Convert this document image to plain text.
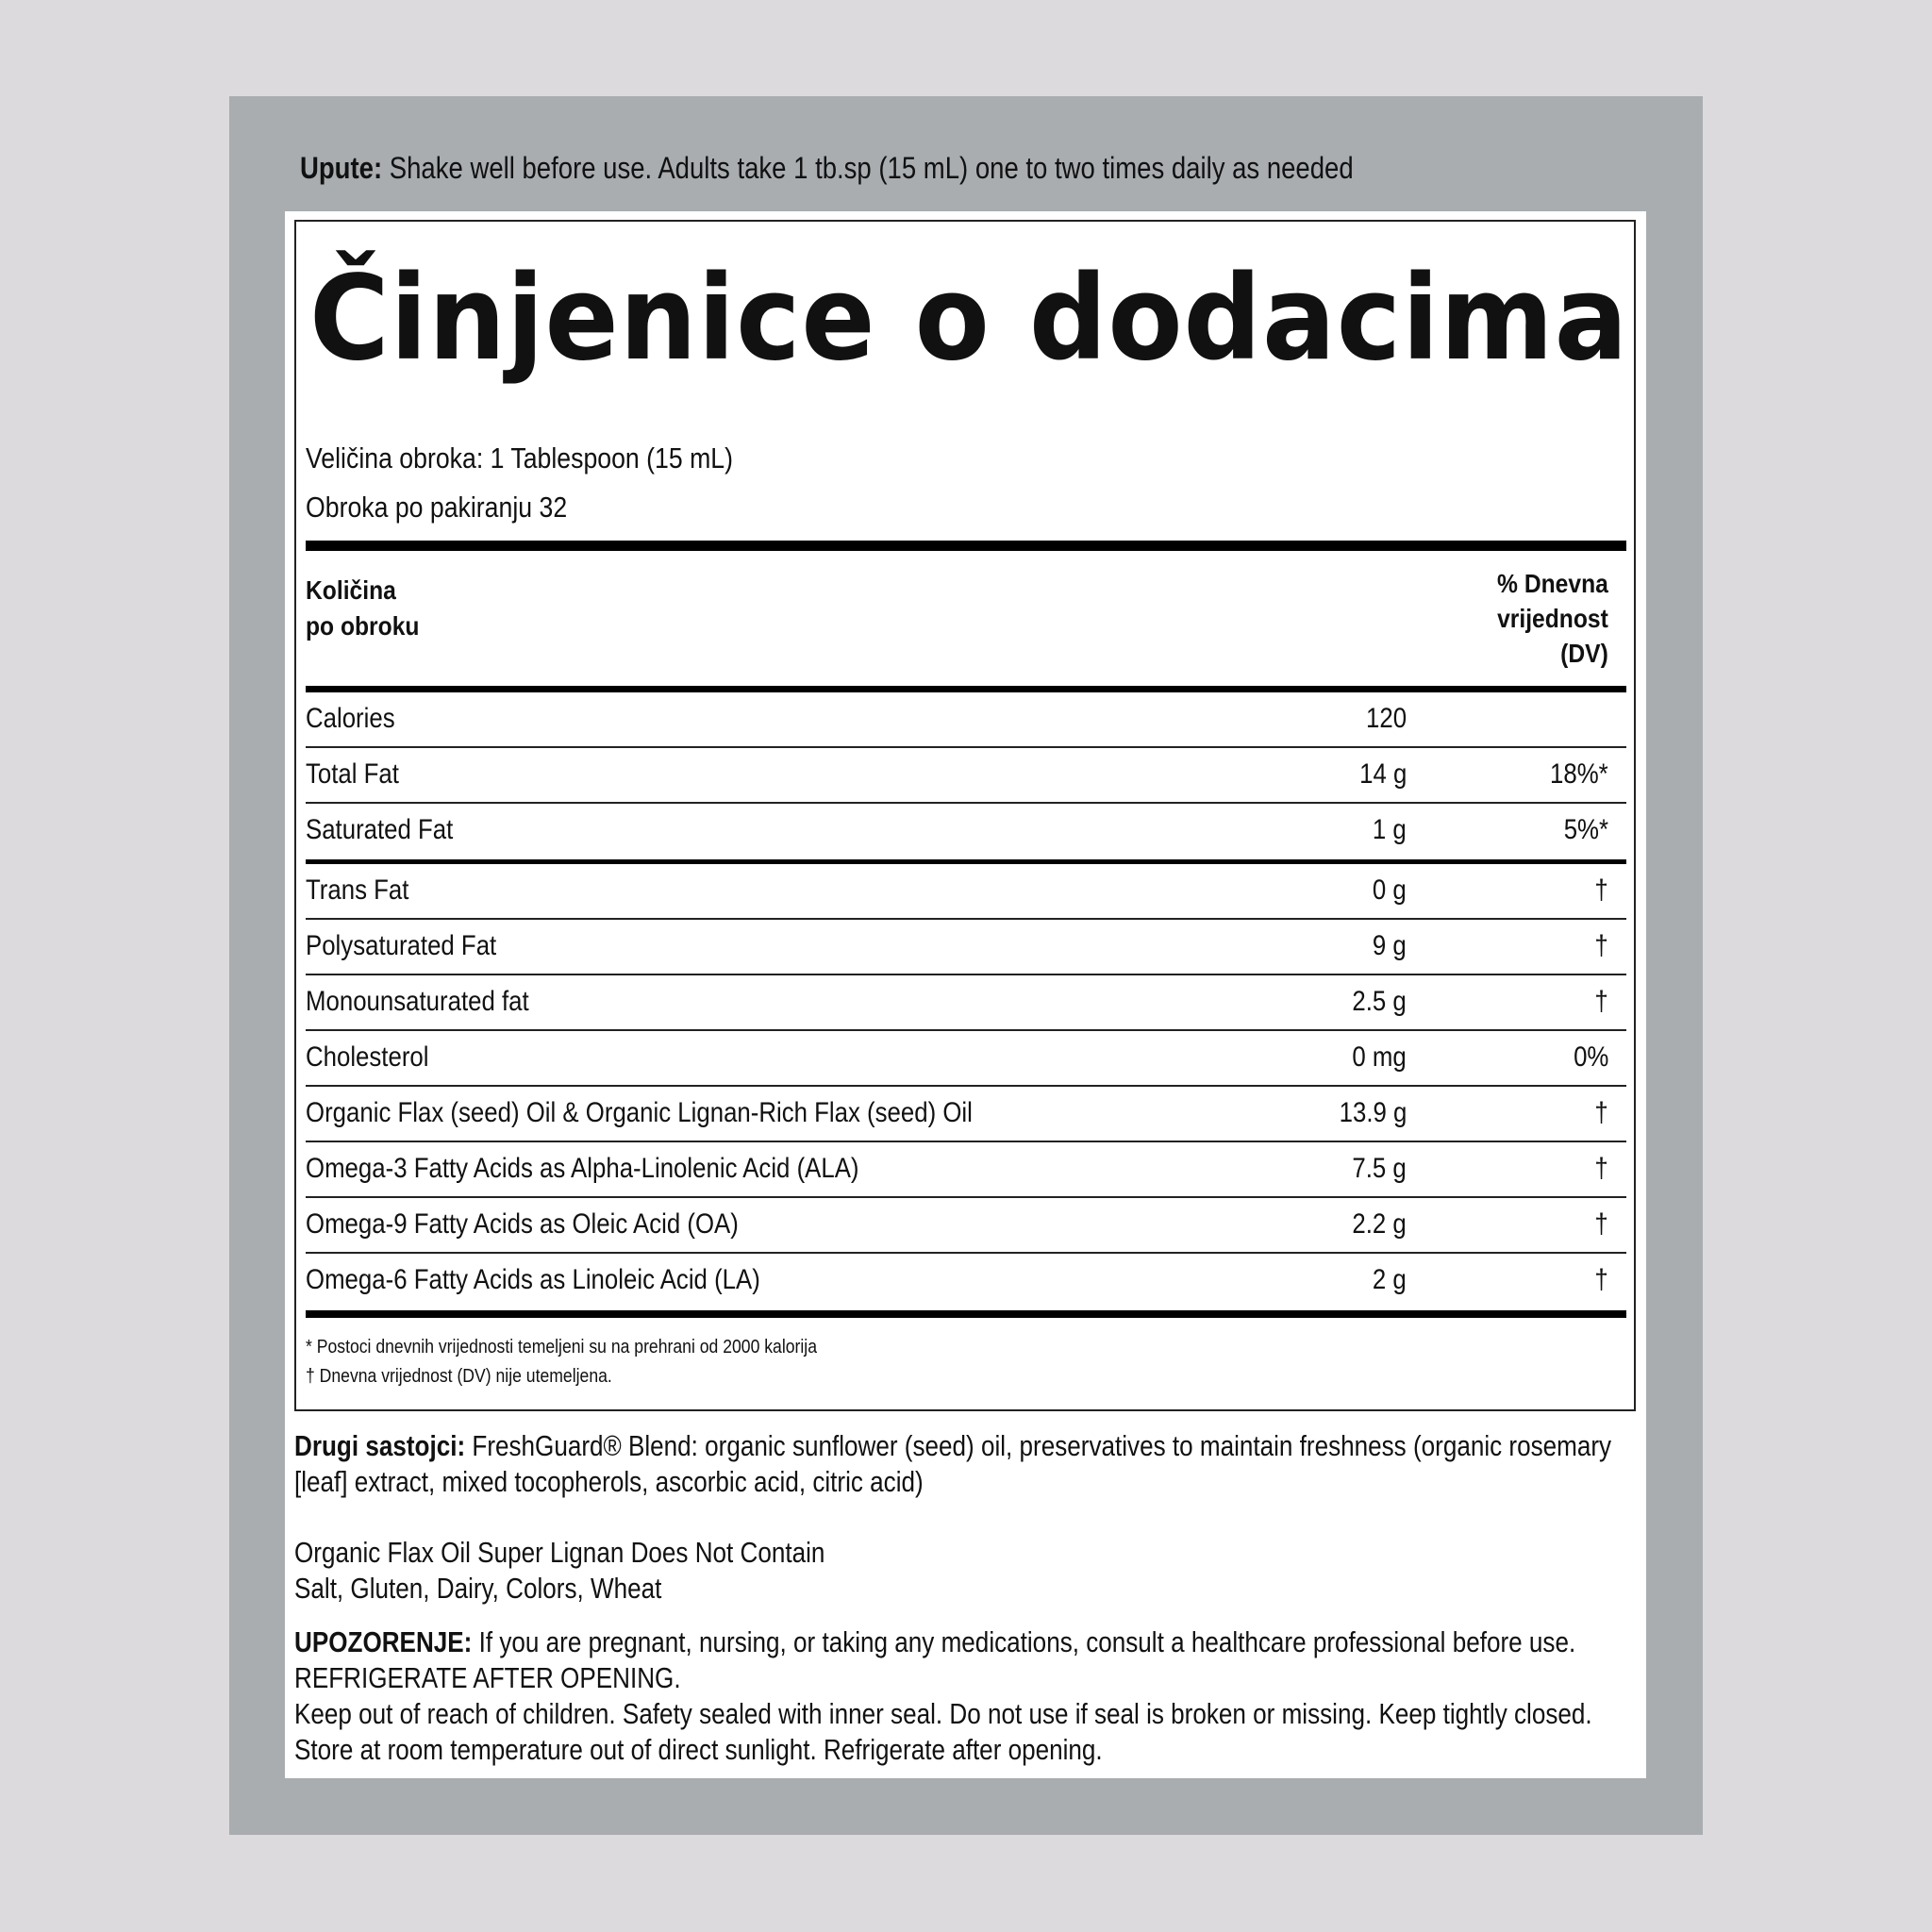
Upute: Shake well before use. Adults take 1 tb.sp (15 mL) one to two times daily as needed
Činjenice o dodacima
Veličina obroka: 1 Tablespoon (15 mL)
Obroka po pakiranju 32
Količina
po obroku
% Dnevna
vrijednost
(DV)
Calories	120
Total Fat	14 g	18%*
Saturated Fat	1 g	5%*
Trans Fat	0 g	†
Polysaturated Fat	9 g	†
Monounsaturated fat	2.5 g	†
Cholesterol	0 mg	0%
Organic Flax (seed) Oil & Organic Lignan-Rich Flax (seed) Oil	13.9 g	†
Omega-3 Fatty Acids as Alpha-Linolenic Acid (ALA)	7.5 g	†
Omega-9 Fatty Acids as Oleic Acid (OA)	2.2 g	†
Omega-6 Fatty Acids as Linoleic Acid (LA)	2 g	†
* Postoci dnevnih vrijednosti temeljeni su na prehrani od 2000 kalorija
† Dnevna vrijednost (DV) nije utemeljena.
Drugi sastojci: FreshGuard® Blend: organic sunflower (seed) oil, preservatives to maintain freshness (organic rosemary [leaf] extract, mixed tocopherols, ascorbic acid, citric acid)
Organic Flax Oil Super Lignan Does Not Contain
Salt, Gluten, Dairy, Colors, Wheat
UPOZORENJE: If you are pregnant, nursing, or taking any medications, consult a healthcare professional before use.
REFRIGERATE AFTER OPENING.
Keep out of reach of children. Safety sealed with inner seal. Do not use if seal is broken or missing. Keep tightly closed.
Store at room temperature out of direct sunlight. Refrigerate after opening.
